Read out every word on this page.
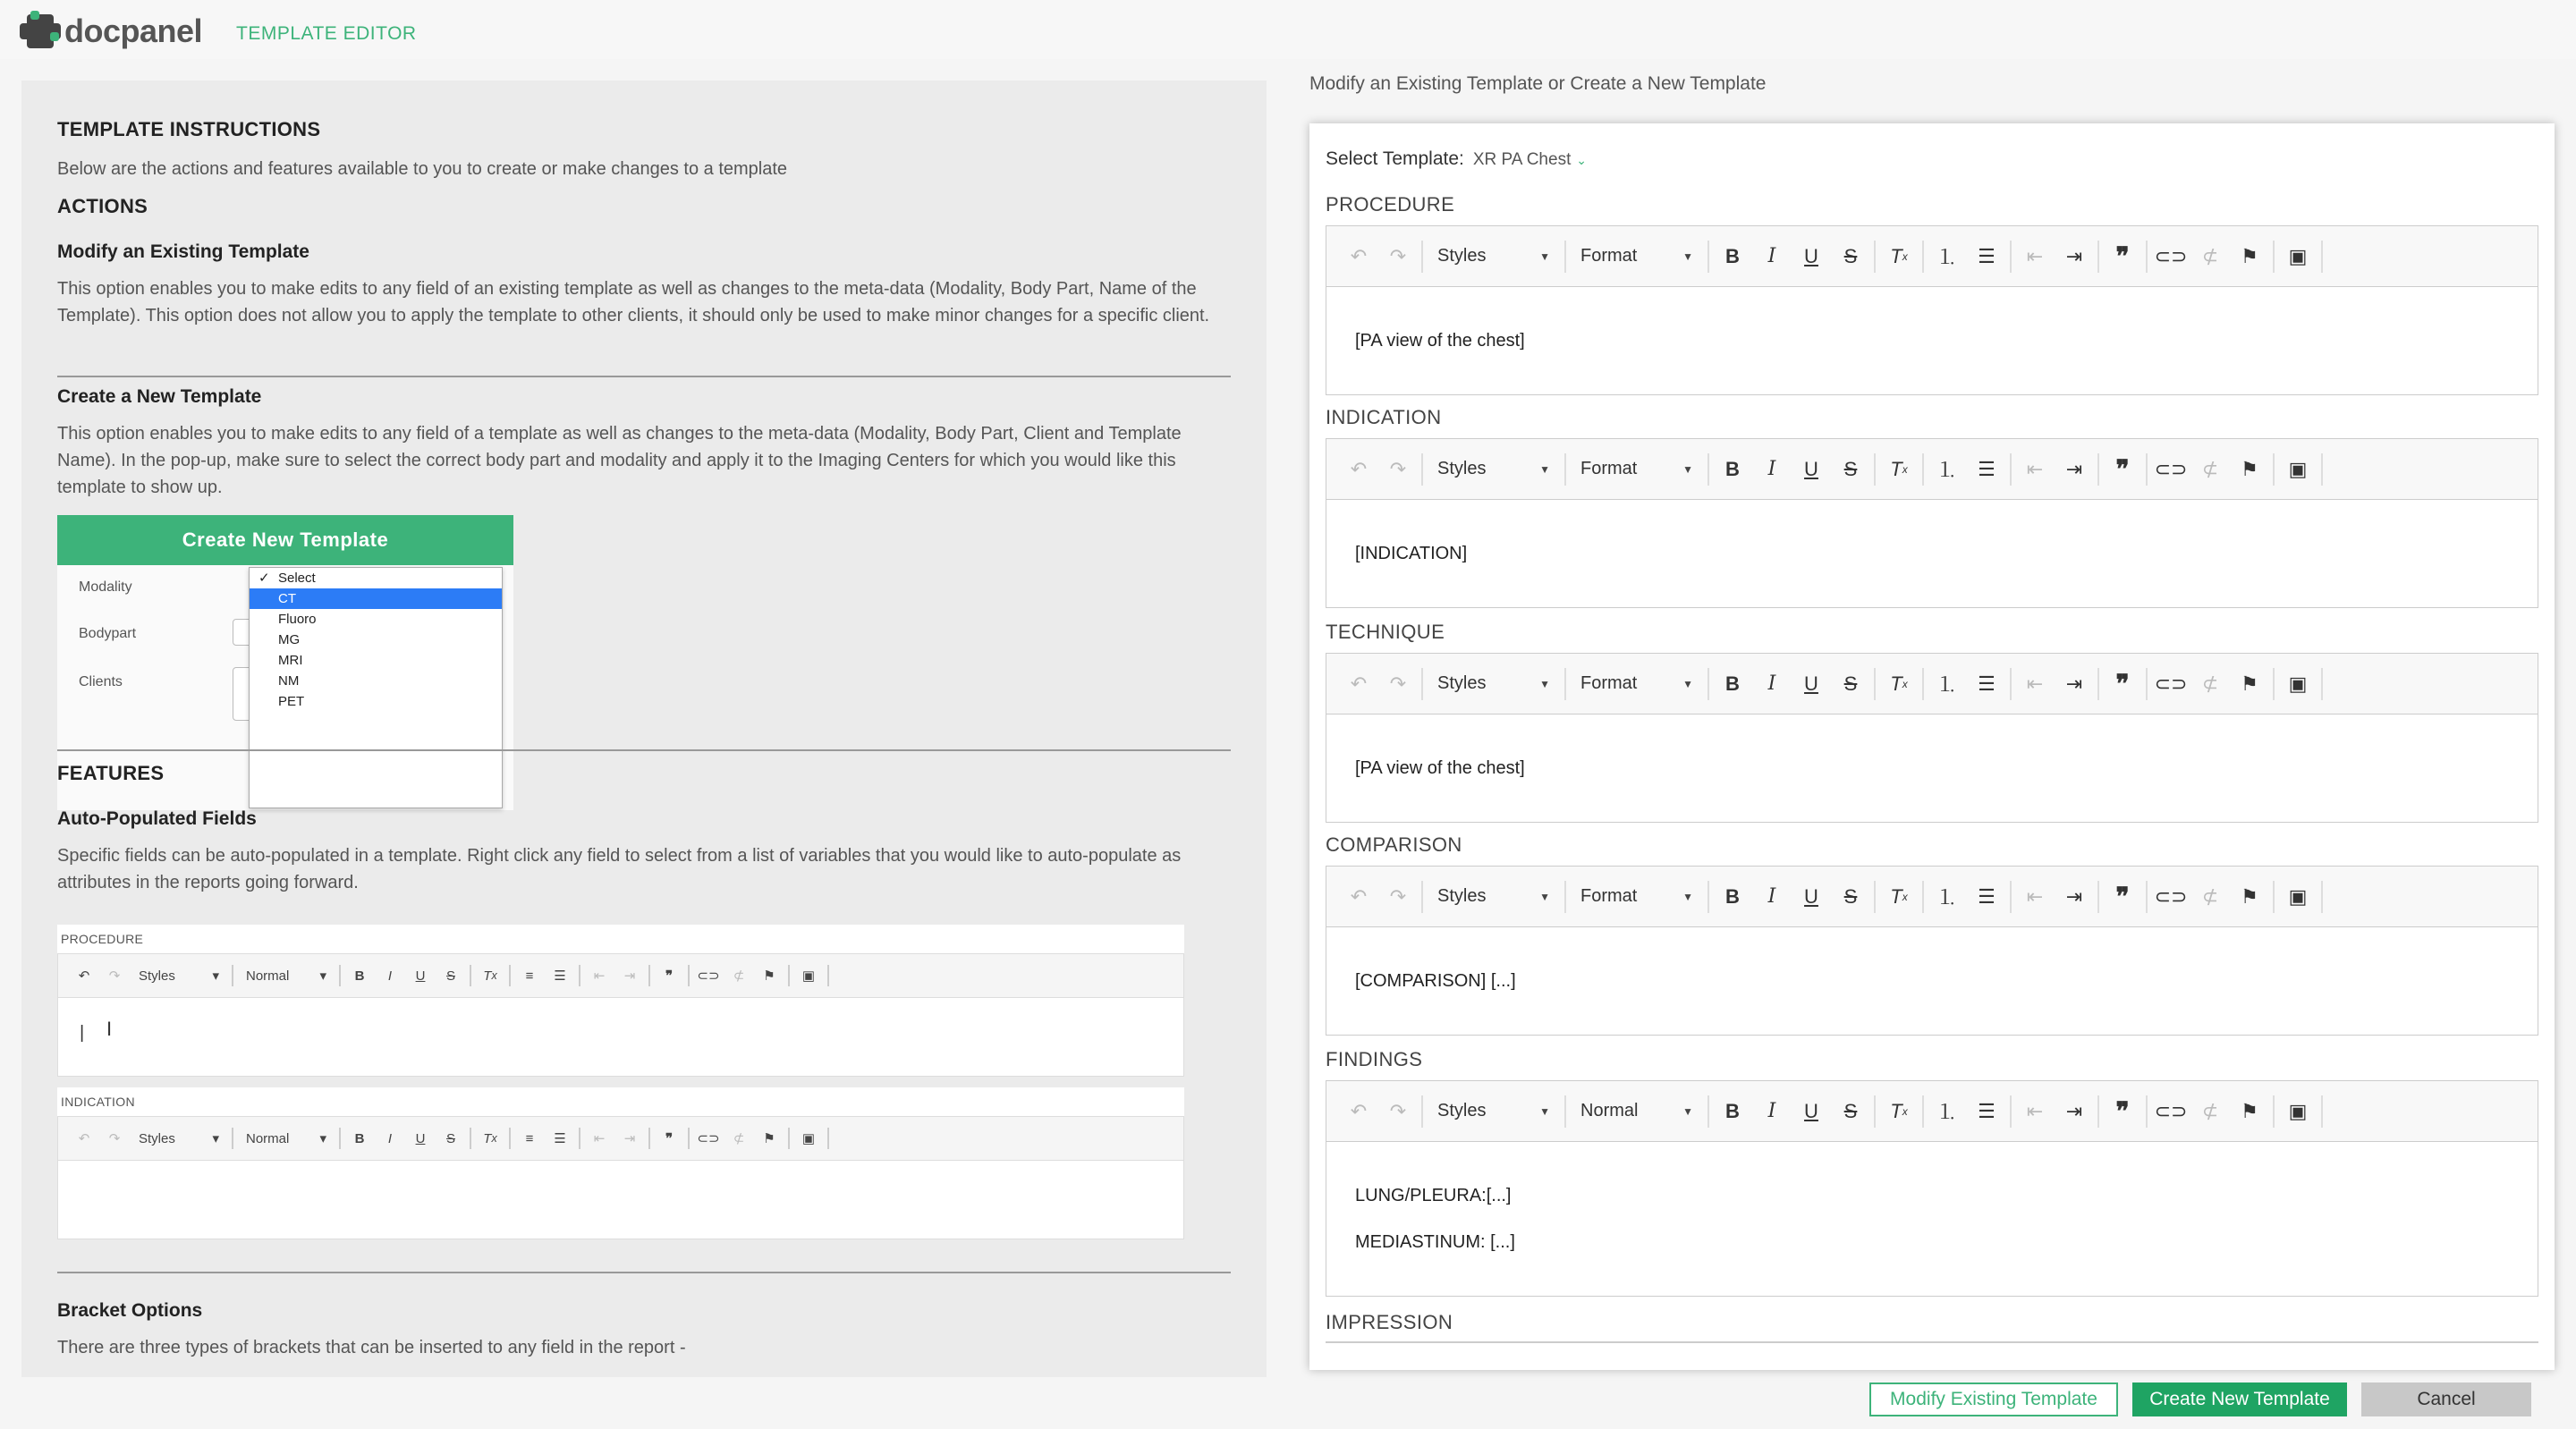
docpanel TEMPLATE EDITOR
TEMPLATE INSTRUCTIONS
Below are the actions and features available to you to create or make changes to a template
ACTIONS
Modify an Existing Template
This option enables you to make edits to any field of an existing template as well as changes to the meta-data (Modality, Body Part, Name of the Template). This option does not allow you to apply the template to other clients, it should only be used to make minor changes for a specific client.
Create a New Template
This option enables you to make edits to any field of a template as well as changes to the meta-data (Modality, Body Part, Client and Template Name). In the pop-up, make sure to select the correct body part and modality and apply it to the Imaging Centers for which you would like this template to show up.
Create New Template
Modality
Bodypart
Clients
✓ Select
CT
Fluoro
MG
MRI
NM
PET
FEATURES
Auto-Populated Fields
Specific fields can be auto-populated in a template. Right click any field to select from a list of variables that you would like to auto-populate as attributes in the reports going forward.
PROCEDURE
↶	↷	Styles	▾ Normal ▾	B	I	U	S	T x	≡	☰	⇤	⇥	❞	⊂⊃	⊄	⚑	▣
| I
INDICATION
↶	↷	Styles	▾ Normal ▾	B	I	U	S	T x	≡	☰	⇤	⇥	❞	⊂⊃	⊄	⚑	▣
Bracket Options
There are three types of brackets that can be inserted to any field in the report -
Modify an Existing Template or Create a New Template
Select Template: XR PA Chest ⌄
PROCEDURE
↶	↷	Styles	▼ Format	▼	B	I	U	S	T x	⒈	☰	⇤	⇥	❞	⊂⊃ ⊄	⚑	▣
[PA view of the chest]
INDICATION
↶	↷	Styles	▼ Format	▼	B	I	U	S	T x	⒈	☰	⇤	⇥	❞	⊂⊃ ⊄	⚑	▣
[INDICATION]
TECHNIQUE
↶	↷	Styles	▼ Format	▼	B	I	U	S	T x	⒈	☰	⇤	⇥	❞	⊂⊃ ⊄	⚑	▣
[PA view of the chest]
COMPARISON
↶	↷	Styles	▼ Format	▼	B	I	U	S	T x	⒈	☰	⇤	⇥	❞	⊂⊃ ⊄	⚑	▣
[COMPARISON] [...]
FINDINGS
↶	↷	Styles	▼ Normal	▼	B	I	U	S	T x	⒈	☰	⇤	⇥	❞	⊂⊃ ⊄	⚑	▣
LUNG/PLEURA:[...]
MEDIASTINUM: [...]
IMPRESSION
Modify Existing Template	Create New Template	Cancel
